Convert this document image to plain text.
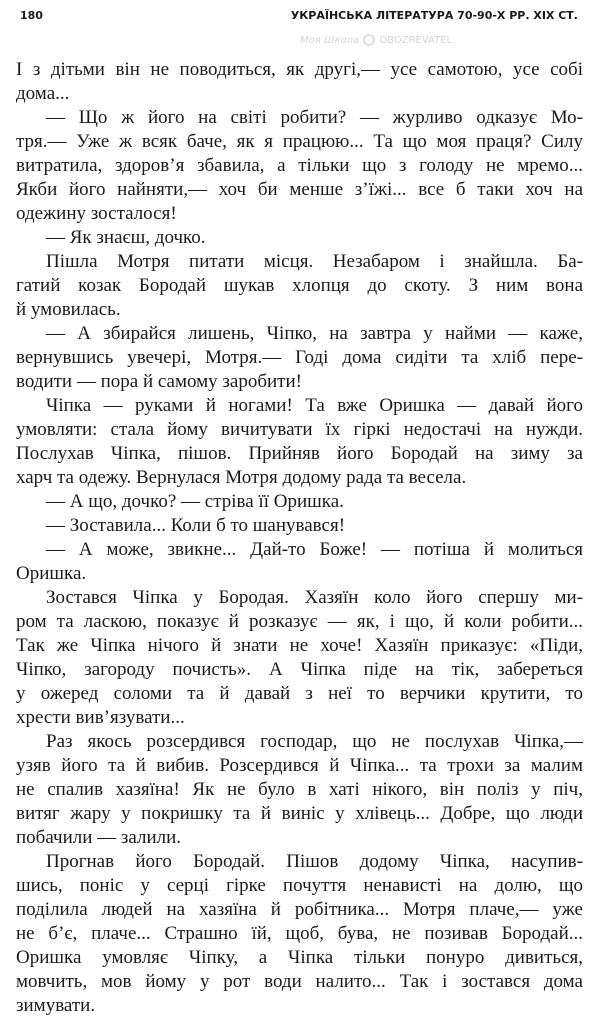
180	УКРАЇНСЬКА ЛІТЕРАТУРА 70-90-Х РР. XIX СТ.
Моя Школа OBOZREVATEL
І з дітьми він не поводиться, як другі,— усе самотою, усе собі
дома...
— Що ж його на світі робити? — журливо одказує Мо-
тря.— Уже ж всяк баче, як я працюю... Та що моя праця? Силу
витратила, здоров’я збавила, а тільки що з голоду не мремо...
Якби його найняти,— хоч би менше з’їжі... все б таки хоч на
одежину зосталося!
— Як знаєш, дочко.
Пішла Мотря питати місця. Незабаром і знайшла. Ба-
гатий козак Бородай шукав хлопця до скоту. З ним вона
й умовилась.
— А збирайся лишень, Чіпко, на завтра у найми — каже,
вернувшись увечері, Мотря.— Годі дома сидіти та хліб пере-
водити — пора й самому заробити!
Чіпка — руками й ногами! Та вже Оришка — давай його
умовляти: стала йому вичитувати їх гіркі недостачі на нужди.
Послухав Чіпка, пішов. Прийняв його Бородай на зиму за
харч та одежу. Вернулася Мотря додому рада та весела.
— А що, дочко? — стріва її Оришка.
— Зоставила... Коли б то шанувався!
— А може, звикне... Дай-то Боже! — потіша й молиться
Оришка.
Зостався Чіпка у Бородая. Хазяїн коло його спершу ми-
ром та ласкою, показує й розказує — як, і що, й коли робити...
Так же Чіпка нічого й знати не хоче! Хазяїн приказує: «Піди,
Чіпко, загороду почисть». А Чіпка піде на тік, забереться
у ожеред соломи та й давай з неї то верчики крутити, то
хрести вив’язувати...
Раз якось розсердився господар, що не послухав Чіпка,—
узяв його та й вибив. Розсердився й Чіпка... та трохи за малим
не спалив хазяїна! Як не було в хаті нікого, він поліз у піч,
витяг жару у покришку та й виніс у хлівець... Добре, що люди
побачили — залили.
Прогнав його Бородай. Пішов додому Чіпка, насупив-
шись, поніс у серці гірке почуття ненависті на долю, що
поділила людей на хазяїна й робітника... Мотря плаче,— уже
не б’є, плаче... Страшно їй, щоб, бува, не позивав Бородай...
Оришка умовляє Чіпку, а Чіпка тільки понуро дивиться,
мовчить, мов йому у рот води налито... Так і зостався дома
зимувати.
